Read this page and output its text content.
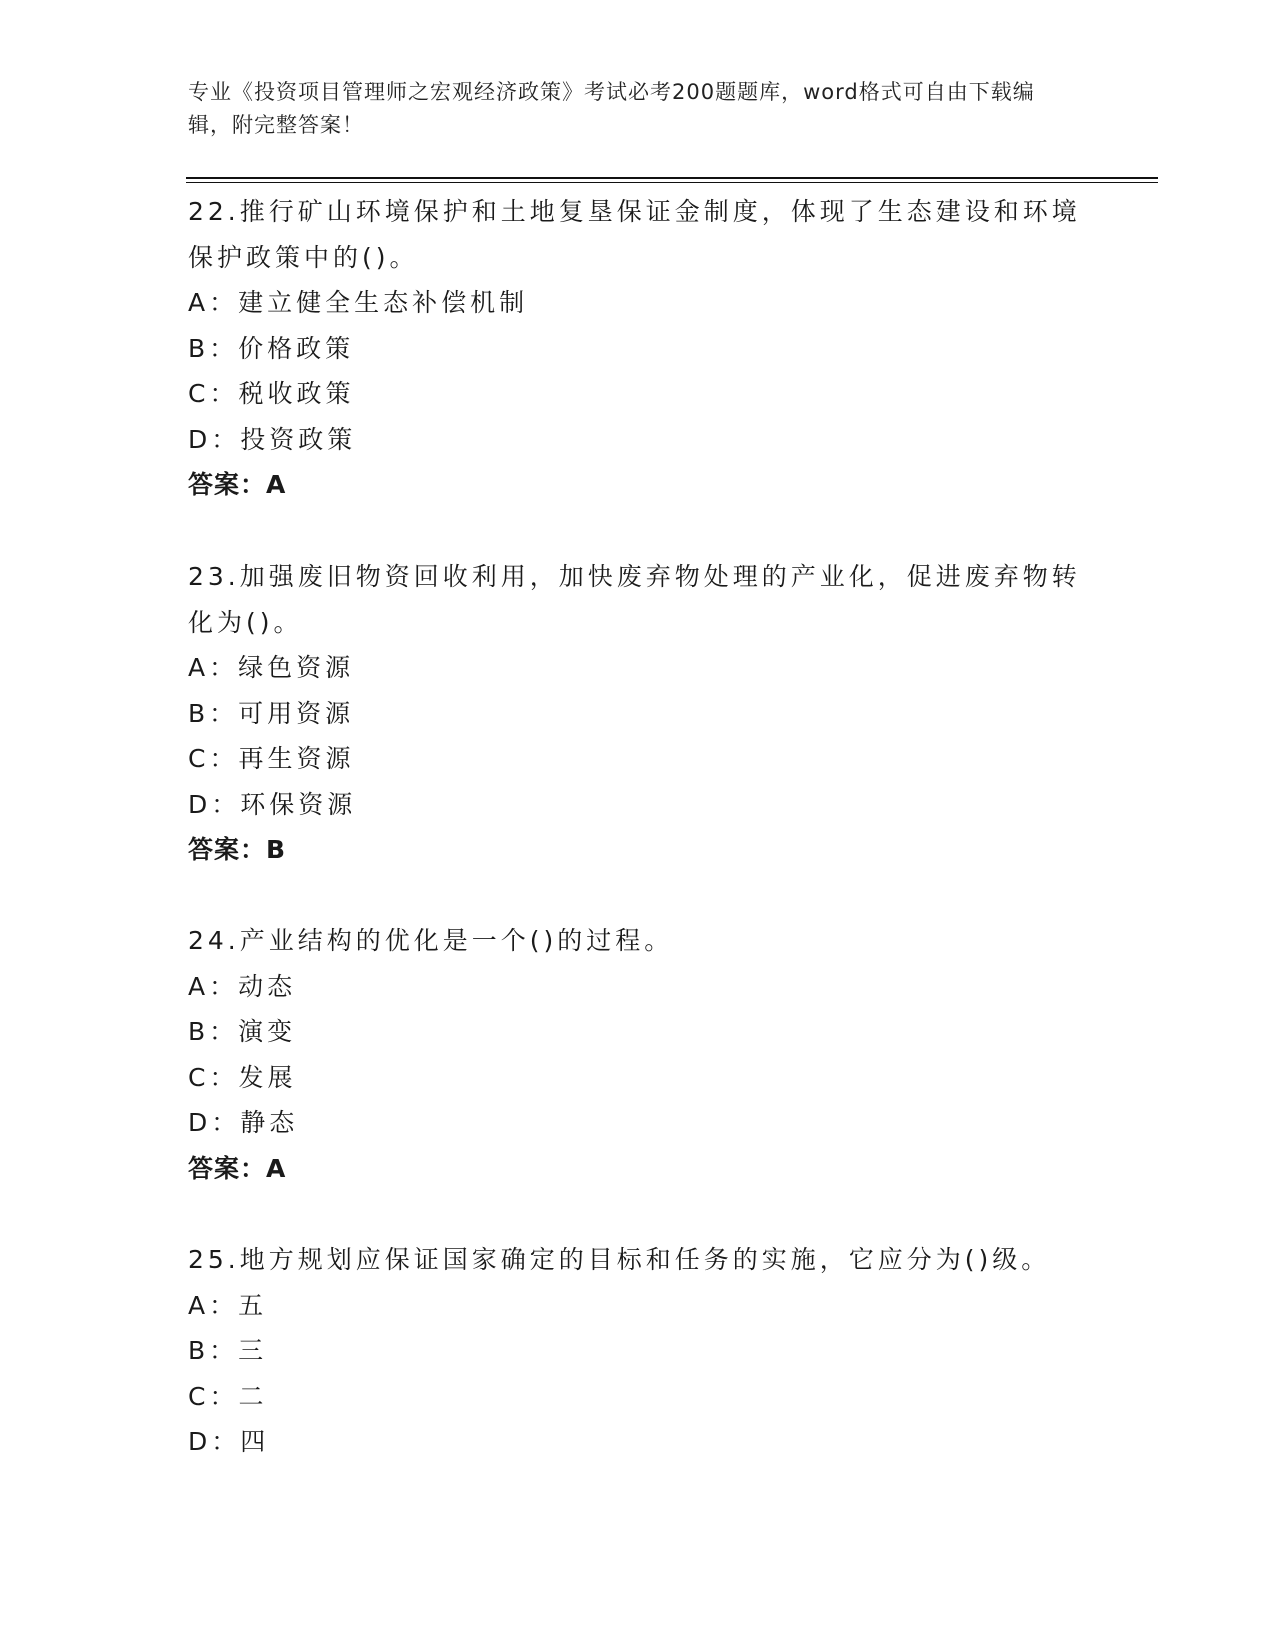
专业《投资项目管理师之宏观经济政策》考试必考200题题库，word格式可自由下载编辑，附完整答案！

22.推行矿山环境保护和土地复垦保证金制度，体现了生态建设和环境保护政策中的()。

A：建立健全生态补偿机制

B：价格政策

C：税收政策

D：投资政策

答案：A

23.加强废旧物资回收利用，加快废弃物处理的产业化，促进废弃物转化为()。

A：绿色资源

B：可用资源

C：再生资源

D：环保资源

答案：B

24.产业结构的优化是一个()的过程。

A：动态

B：演变

C：发展

D：静态

答案：A

25.地方规划应保证国家确定的目标和任务的实施，它应分为()级。

A：五

B：三

C：二

D：四
